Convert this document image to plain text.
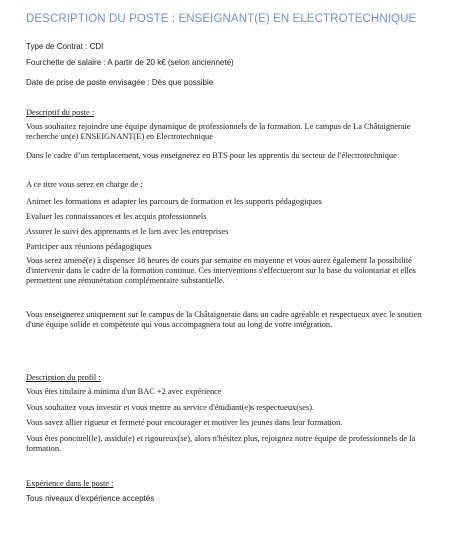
DESCRIPTION DU POSTE : ENSEIGNANT(E) EN ELECTROTECHNIQUE
Type de Contrat : CDI
Fourchette de salaire : A partir de 20 k€ (selon ancienneté)
Date de prise de poste envisagée : Dès que possible
Descriptif du poste :
Vous souhaitez rejoindre une équipe dynamique de professionnels de la formation. Le campus de La Châtaigneraie recherche un(e) ENSEIGNANT(E) en Electrotechnique
Dans le cadre d’un remplacement, vous enseignerez en BTS pour les apprentis du secteur de l'électrotechnique
A ce titre vous serez en charge de :
Animer les formations et adapter les parcours de formation et les supports pédagogiques
Evaluer les connaissances et les acquis professionnels
Assurer le suivi des apprenants et le lien avec les entreprises
Participer aux réunions pédagogiques
Vous serez amené(e) à dispenser 18 heures de cours par semaine en moyenne et vous aurez également la possibilité d'intervenir dans le cadre de la formation continue. Ces interventions s'effectueront sur la base du volontariat et elles permettent une rémunération complémentaire substantielle.
Vous enseignerez uniquement sur le campus de la Châtaigneraie dans un cadre agréable et respectueux avec le soutien d'une équipe solide et compétente qui vous accompagnera tout au long de votre intégration.
Description du profil :
Vous êtes titulaire à minima d'un BAC +2 avec expérience
Vous souhaitez vous investir et vous mettre au service d'étudiant(e)s respectueux(ses).
Vous savez allier rigueur et fermeté pour encourager et motiver les jeunes dans leur formation.
Vous êtes ponctuel(le), assidu(e) et rigoureux(se), alors n'hésitez plus, rejoignez notre équipe de professionnels de la formation.
Expérience dans le poste :
Tous niveaux d'expérience acceptés
